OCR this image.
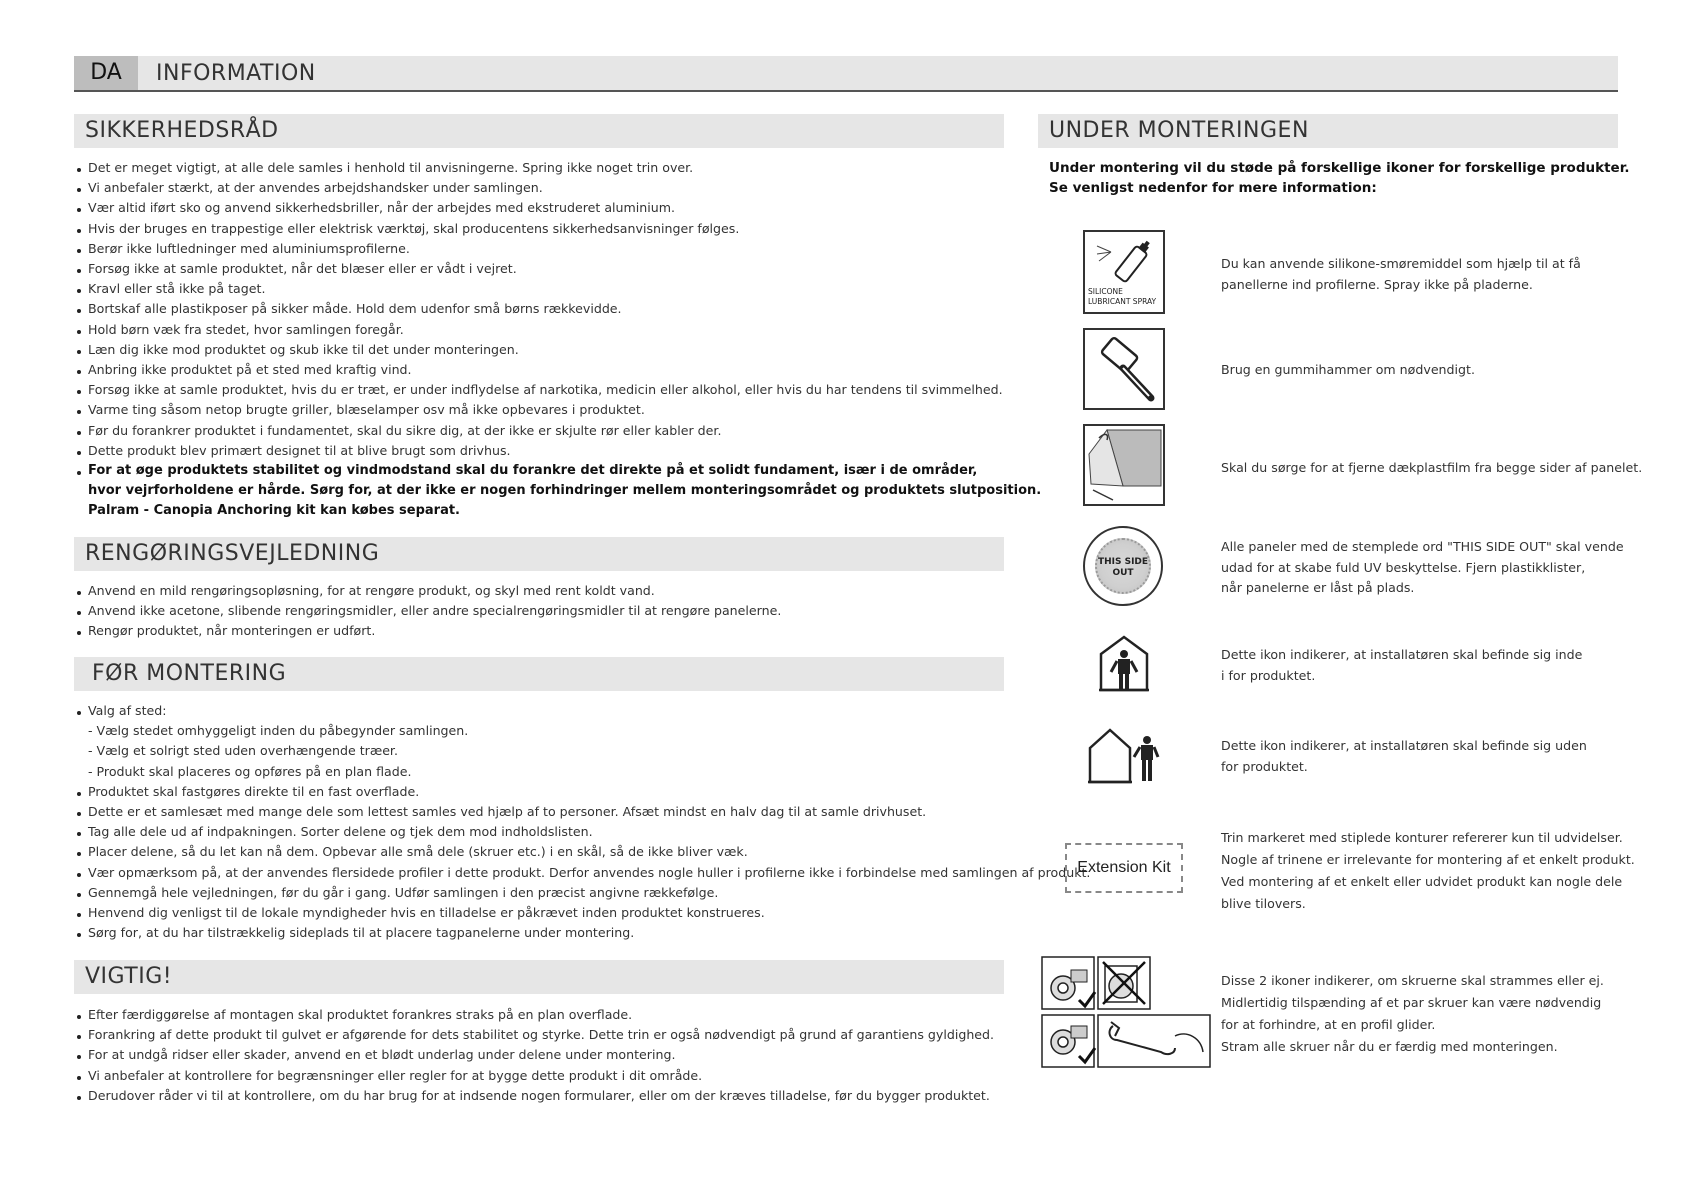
DA	INFORMATION
SIKKERHEDSRÅD
Det er meget vigtigt, at alle dele samles i henhold til anvisningerne. Spring ikke noget trin over.
Vi anbefaler stærkt, at der anvendes arbejdshandsker under samlingen.
Vær altid iført sko og anvend sikkerhedsbriller, når der arbejdes med ekstruderet aluminium.
Hvis der bruges en trappestige eller elektrisk værktøj, skal producentens sikkerhedsanvisninger følges.
Berør ikke luftledninger med aluminiumsprofilerne.
Forsøg ikke at samle produktet, når det blæser eller er vådt i vejret.
Kravl eller stå ikke på taget.
Bortskaf alle plastikposer på sikker måde. Hold dem udenfor små børns rækkevidde.
Hold børn væk fra stedet, hvor samlingen foregår.
Læn dig ikke mod produktet og skub ikke til det under monteringen.
Anbring ikke produktet på et sted med kraftig vind.
Forsøg ikke at samle produktet, hvis du er træt, er under indflydelse af narkotika, medicin eller alkohol, eller hvis du har tendens til svimmelhed.
Varme ting såsom netop brugte griller, blæselamper osv må ikke opbevares i produktet.
Før du forankrer produktet i fundamentet, skal du sikre dig, at der ikke er skjulte rør eller kabler der.
Dette produkt blev primært designet til at blive brugt som drivhus.
For at øge produktets stabilitet og vindmodstand skal du forankre det direkte på et solidt fundament, især i de områder,
hvor vejrforholdene er hårde. Sørg for, at der ikke er nogen forhindringer mellem monteringsområdet og produktets slutposition.
Palram - Canopia Anchoring kit kan købes separat.
RENGØRINGSVEJLEDNING
Anvend en mild rengøringsopløsning, for at rengøre produkt, og skyl med rent koldt vand.
Anvend ikke acetone, slibende rengøringsmidler, eller andre specialrengøringsmidler til at rengøre panelerne.
Rengør produktet, når monteringen er udført.
FØR MONTERING
Valg af sted:
- Vælg stedet omhyggeligt inden du påbegynder samlingen.
- Vælg et solrigt sted uden overhængende træer.
- Produkt skal placeres og opføres på en plan flade.
Produktet skal fastgøres direkte til en fast overflade.
Dette er et samlesæt med mange dele som lettest samles ved hjælp af to personer. Afsæt mindst en halv dag til at samle drivhuset.
Tag alle dele ud af indpakningen. Sorter delene og tjek dem mod indholdslisten.
Placer delene, så du let kan nå dem. Opbevar alle små dele (skruer etc.) i en skål, så de ikke bliver væk.
Vær opmærksom på, at der anvendes flersidede profiler i dette produkt. Derfor anvendes nogle huller i profilerne ikke i forbindelse med samlingen af produkt.
Gennemgå hele vejledningen, før du går i gang. Udfør samlingen i den præcist angivne rækkefølge.
Henvend dig venligst til de lokale myndigheder hvis en tilladelse er påkrævet inden produktet konstrueres.
Sørg for, at du har tilstrækkelig sideplads til at placere tagpanelerne under montering.
VIGTIG!
Efter færdiggørelse af montagen skal produktet forankres straks på en plan overflade.
Forankring af dette produkt til gulvet er afgørende for dets stabilitet og styrke. Dette trin er også nødvendigt på grund af garantiens gyldighed.
For at undgå ridser eller skader, anvend en et blødt underlag under delene under montering.
Vi anbefaler at kontrollere for begrænsninger eller regler for at bygge dette produkt i dit område.
Derudover råder vi til at kontrollere, om du har brug for at indsende nogen formularer, eller om der kræves tilladelse, før du bygger produktet.
UNDER MONTERINGEN
Under montering vil du støde på forskellige ikoner for forskellige produkter.
Se venligst nedenfor for mere information:
SILICONE
LUBRICANT SPRAY

Du kan anvende silikone-smøremiddel som hjælp til at få
panellerne ind profilerne. Spray ikke på pladerne.

Brug en gummihammer om nødvendigt.

Skal du sørge for at fjerne dækplastfilm fra begge sider af panelet.

THIS SIDE
OUT

Alle paneler med de stemplede ord "THIS SIDE OUT" skal vende
udad for at skabe fuld UV beskyttelse. Fjern plastikklister,
når panelerne er låst på plads.

Dette ikon indikerer, at installatøren skal befinde sig inde
i for produktet.

Dette ikon indikerer, at installatøren skal befinde sig uden
for produktet.

Extension Kit

Trin markeret med stiplede konturer refererer kun til udvidelser.
Nogle af trinene er irrelevante for montering af et enkelt produkt.
Ved montering af et enkelt eller udvidet produkt kan nogle dele
blive tilovers.

Disse 2 ikoner indikerer, om skruerne skal strammes eller ej.
Midlertidig tilspænding af et par skruer kan være nødvendig
for at forhindre, at en profil glider.
Stram alle skruer når du er færdig med monteringen.
